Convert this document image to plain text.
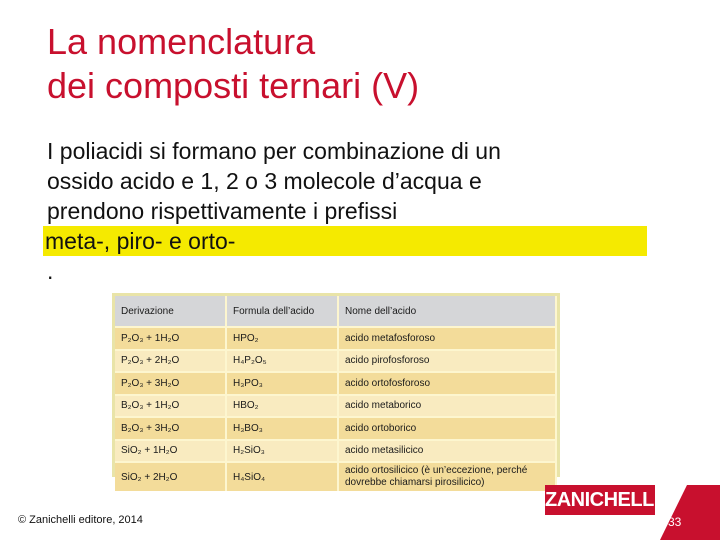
La nomenclatura
dei composti ternari (V)
I poliacidi si formano per combinazione di un
ossido acido e 1, 2 o 3 molecole d’acqua e
prendono rispettivamente i prefissi
meta-, piro- e orto-
.
Derivazione	Formula dell’acido	Nome dell’acido
P₂O₃ + 1H₂O	HPO₂	acido metafosforoso
P₂O₃ + 2H₂O	H₄P₂O₅	acido pirofosforoso
P₂O₃ + 3H₂O	H₃PO₃	acido ortofosforoso
B₂O₃ + 1H₂O	HBO₂	acido metaborico
B₂O₃ + 3H₂O	H₃BO₃	acido ortoborico
SiO₂ + 1H₂O	H₂SiO₃	acido metasilicico
SiO₂ + 2H₂O	H₄SiO₄	acido ortosilicico (è un’eccezione, perché dovrebbe chiamarsi pirosilicico)
© Zanichelli editore, 2014
ZANICHELLI
33
